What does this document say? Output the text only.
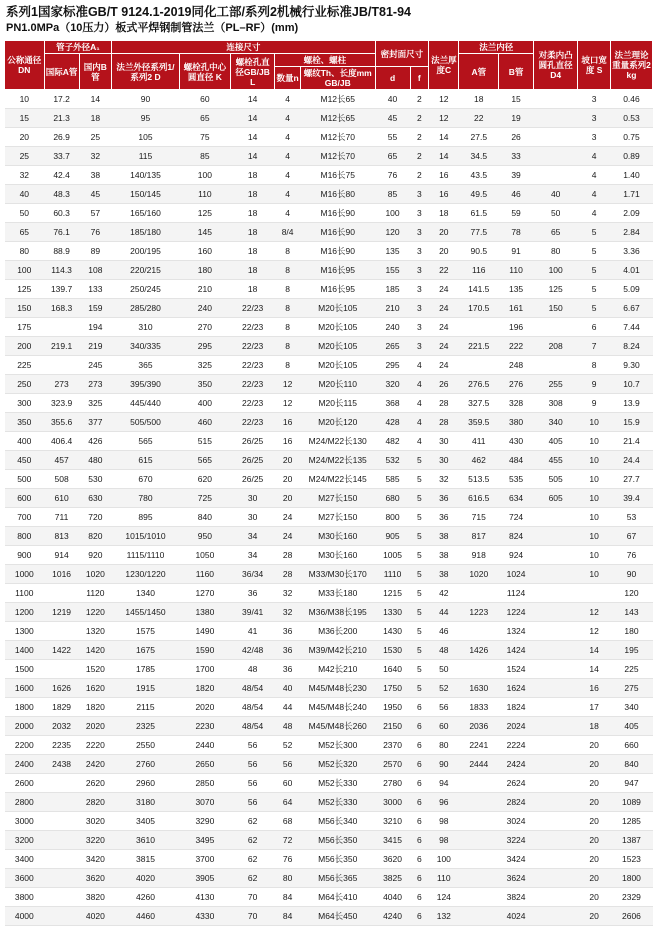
系列1国家标准GB/T 9124.1-2019同化工部/系列2机械行业标准JB/T81-94
PN1.0MPa（10压力）板式平焊钢制管法兰（PL–RF）(mm)
公称通径DN	管子外径A₁		连接尺寸					密封面尺寸		法兰厚度C	法兰内径		对柔内凸圆孔直径D4	坡口宽度 S	法兰理论重量系列2 kg
	国际A管	国内B管	法兰外径系列1/系列2 D	螺栓孔中心圆直径 K	螺栓孔直径GB/JB L	螺栓、螺柱					A管	B管			
						数量n	螺纹Th、长度mm GB/JB	d	f						
10	17.2	14	90	60	14	4	M12长65	40	2	12	18	15		3	0.46
15	21.3	18	95	65	14	4	M12长65	45	2	12	22	19		3	0.53
20	26.9	25	105	75	14	4	M12长70	55	2	14	27.5	26		3	0.75
25	33.7	32	115	85	14	4	M12长70	65	2	14	34.5	33		4	0.89
32	42.4	38	140/135	100	18	4	M16长75	76	2	16	43.5	39		4	1.40
40	48.3	45	150/145	110	18	4	M16长80	85	3	16	49.5	46	40	4	1.71
50	60.3	57	165/160	125	18	4	M16长90	100	3	18	61.5	59	50	4	2.09
65	76.1	76	185/180	145	18	8/4	M16长90	120	3	20	77.5	78	65	5	2.84
80	88.9	89	200/195	160	18	8	M16长90	135	3	20	90.5	91	80	5	3.36
100	114.3	108	220/215	180	18	8	M16长95	155	3	22	116	110	100	5	4.01
125	139.7	133	250/245	210	18	8	M16长95	185	3	24	141.5	135	125	5	5.09
150	168.3	159	285/280	240	22/23	8	M20长105	210	3	24	170.5	161	150	5	6.67
175		194	310	270	22/23	8	M20长105	240	3	24		196		6	7.44
200	219.1	219	340/335	295	22/23	8	M20长105	265	3	24	221.5	222	208	7	8.24
225		245	365	325	22/23	8	M20长105	295	4	24		248		8	9.30
250	273	273	395/390	350	22/23	12	M20长110	320	4	26	276.5	276	255	9	10.7
300	323.9	325	445/440	400	22/23	12	M20长115	368	4	28	327.5	328	308	9	13.9
350	355.6	377	505/500	460	22/23	16	M20长120	428	4	28	359.5	380	340	10	15.9
400	406.4	426	565	515	26/25	16	M24/M22长130	482	4	30	411	430	405	10	21.4
450	457	480	615	565	26/25	20	M24/M22长135	532	5	30	462	484	455	10	24.4
500	508	530	670	620	26/25	20	M24/M22长145	585	5	32	513.5	535	505	10	27.7
600	610	630	780	725	30	20	M27长150	680	5	36	616.5	634	605	10	39.4
700	711	720	895	840	30	24	M27长150	800	5	36	715	724		10	53
800	813	820	1015/1010	950	34	24	M30长160	905	5	38	817	824		10	67
900	914	920	1115/1110	1050	34	28	M30长160	1005	5	38	918	924		10	76
1000	1016	1020	1230/1220	1160	36/34	28	M33/M30长170	1110	5	38	1020	1024		10	90
1100		1120	1340	1270	36	32	M33长180	1215	5	42		1124			120
1200	1219	1220	1455/1450	1380	39/41	32	M36/M38长195	1330	5	44	1223	1224		12	143
1300		1320	1575	1490	41	36	M36长200	1430	5	46		1324		12	180
1400	1422	1420	1675	1590	42/48	36	M39/M42长210	1530	5	48	1426	1424		14	195
1500		1520	1785	1700	48	36	M42长210	1640	5	50		1524		14	225
1600	1626	1620	1915	1820	48/54	40	M45/M48长230	1750	5	52	1630	1624		16	275
1800	1829	1820	2115	2020	48/54	44	M45/M48长240	1950	6	56	1833	1824		17	340
2000	2032	2020	2325	2230	48/54	48	M45/M48长260	2150	6	60	2036	2024		18	405
2200	2235	2220	2550	2440	56	52	M52长300	2370	6	80	2241	2224		20	660
2400	2438	2420	2760	2650	56	56	M52长320	2570	6	90	2444	2424		20	840
2600		2620	2960	2850	56	60	M52长330	2780	6	94		2624		20	947
2800		2820	3180	3070	56	64	M52长330	3000	6	96		2824		20	1089
3000		3020	3405	3290	62	68	M56长340	3210	6	98		3024		20	1285
3200		3220	3610	3495	62	72	M56长350	3415	6	98		3224		20	1387
3400		3420	3815	3700	62	76	M56长350	3620	6	100		3424		20	1523
3600		3620	4020	3905	62	80	M56长365	3825	6	110		3624		20	1800
3800		3820	4260	4130	70	84	M64长410	4040	6	124		3824		20	2329
4000		4020	4460	4330	70	84	M64长450	4240	6	132		4024		20	2606
